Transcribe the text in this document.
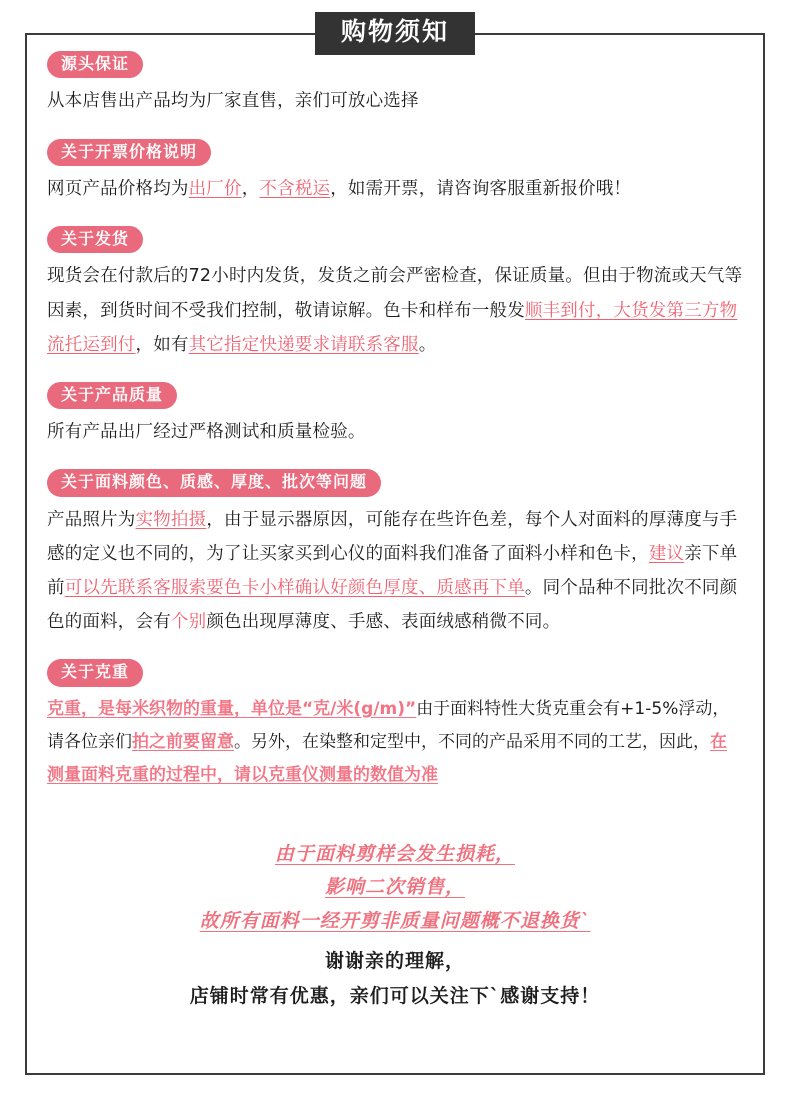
购物须知
源头保证

从本店售出产品均为厂家直售，亲们可放心选择

关于开票价格说明

网页产品价格均为出厂价，不含税运，如需开票，请咨询客服重新报价哦！

关于发货

现货会在付款后的72小时内发货，发货之前会严密检查，保证质量。但由于物流或天气等因素，到货时间不受我们控制，敬请谅解。色卡和样布一般发顺丰到付，大货发第三方物流托运到付，如有其它指定快递要求请联系客服。

关于产品质量

所有产品出厂经过严格测试和质量检验。

关于面料颜色、质感、厚度、批次等问题

产品照片为实物拍摄，由于显示器原因，可能存在些许色差，每个人对面料的厚薄度与手感的定义也不同的，为了让买家买到心仪的面料我们准备了面料小样和色卡，建议亲下单前可以先联系客服索要色卡小样确认好颜色厚度、质感再下单。同个品种不同批次不同颜色的面料，会有个别颜色出现厚薄度、手感、表面绒感稍微不同。

关于克重

克重，是每米织物的重量，单位是“克/米(g/m)”由于面料特性大货克重会有+1-5%浮动，请各位亲们拍之前要留意。另外，在染整和定型中，不同的产品采用不同的工艺，因此，在测量面料克重的过程中，请以克重仪测量的数值为准

由于面料剪样会发生损耗，
影响二次销售，
故所有面料一经开剪非质量问题概不退换货`
谢谢亲的理解，
店铺时常有优惠，亲们可以关注下`感谢支持！
